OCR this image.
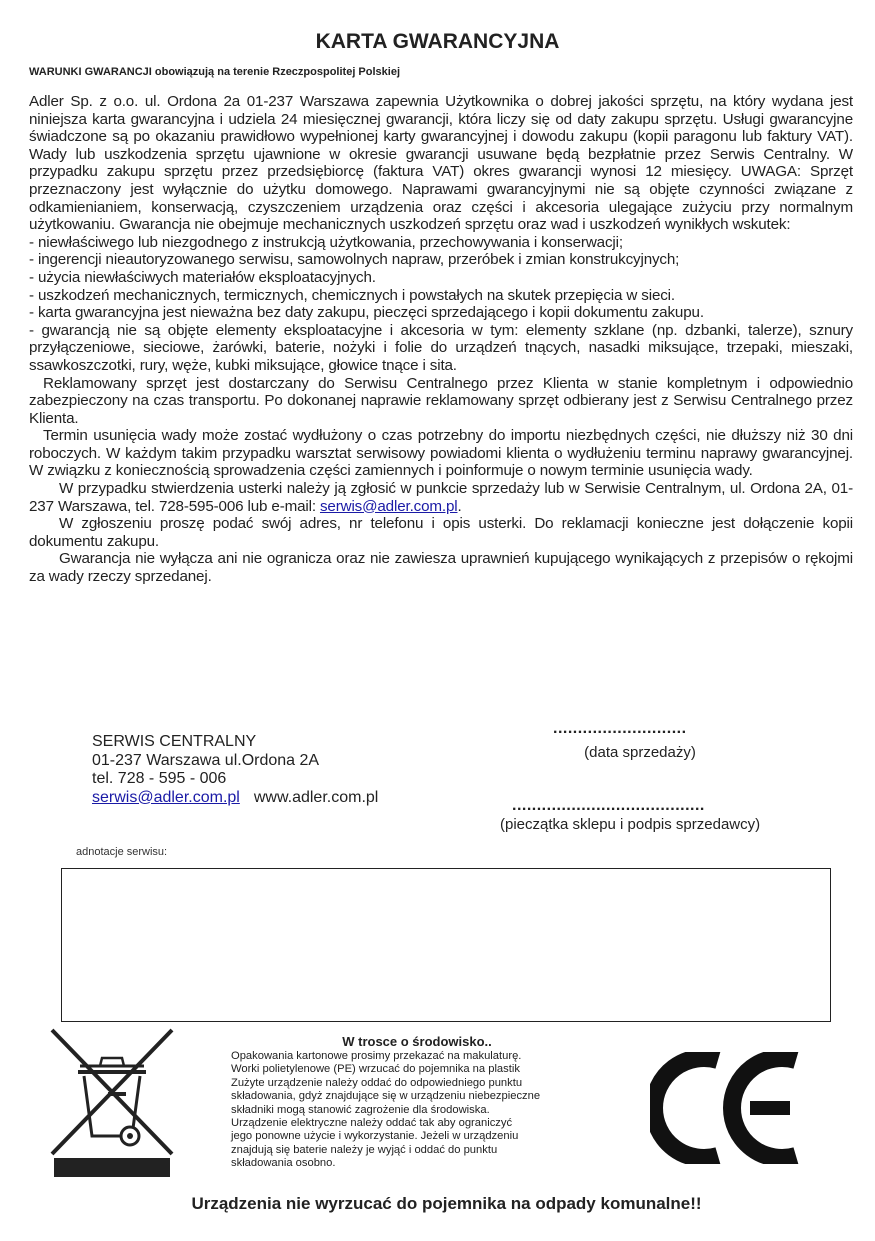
KARTA GWARANCYJNA
WARUNKI GWARANCJI obowiązują na terenie Rzeczpospolitej Polskiej

Adler Sp. z o.o. ul. Ordona 2a 01-237 Warszawa zapewnia Użytkownika o dobrej jakości sprzętu, na który wydana jest niniejsza karta gwarancyjna i udziela 24 miesięcznej gwarancji, która liczy się od daty zakupu sprzętu. Usługi gwarancyjne świadczone są po okazaniu prawidłowo wypełnionej karty gwarancyjnej i dowodu zakupu (kopii paragonu lub faktury VAT). Wady lub uszkodzenia sprzętu ujawnione w okresie gwarancji usuwane będą bezpłatnie przez Serwis Centralny. W przypadku zakupu sprzętu przez przedsiębiorcę (faktura VAT) okres gwarancji wynosi 12 miesięcy. UWAGA: Sprzęt przeznaczony jest wyłącznie do użytku domowego. Naprawami gwarancyjnymi nie są objęte czynności związane z odkamienianiem, konserwacją, czyszczeniem urządzenia oraz części i akcesoria ulegające zużyciu przy normalnym użytkowaniu. Gwarancja nie obejmuje mechanicznych uszkodzeń sprzętu oraz wad i uszkodzeń wynikłych wskutek:

- niewłaściwego lub niezgodnego z instrukcją użytkowania, przechowywania i konserwacji;

- ingerencji nieautoryzowanego serwisu, samowolnych napraw, przeróbek i zmian konstrukcyjnych;

- użycia niewłaściwych materiałów eksploatacyjnych.

- uszkodzeń mechanicznych, termicznych, chemicznych i powstałych na skutek przepięcia w sieci.

- karta gwarancyjna jest nieważna bez daty zakupu, pieczęci sprzedającego i kopii dokumentu zakupu.

- gwarancją nie są objęte elementy eksploatacyjne i akcesoria w tym: elementy szklane (np. dzbanki, talerze), sznury przyłączeniowe, sieciowe, żarówki, baterie, nożyki i folie do urządzeń tnących, nasadki miksujące, trzepaki, mieszaki, ssawkoszczotki, rury, węże, kubki miksujące, głowice tnące i sita.

Reklamowany sprzęt jest dostarczany do Serwisu Centralnego przez Klienta w stanie kompletnym i odpowiednio zabezpieczony na czas transportu. Po dokonanej naprawie reklamowany sprzęt odbierany jest z Serwisu Centralnego przez Klienta.

Termin usunięcia wady może zostać wydłużony o czas potrzebny do importu niezbędnych części, nie dłuższy niż 30 dni roboczych. W każdym takim przypadku warsztat serwisowy powiadomi klienta o wydłużeniu terminu naprawy gwarancyjnej. W związku z koniecznością sprowadzenia części zamiennych i poinformuje o nowym terminie usunięcia wady.

W przypadku stwierdzenia usterki należy ją zgłosić w punkcie sprzedaży lub w Serwisie Centralnym, ul. Ordona 2A, 01-237 Warszawa, tel. 728-595-006 lub e-mail: serwis@adler.com.pl.

W zgłoszeniu proszę podać swój adres, nr telefonu i opis usterki. Do reklamacji konieczne jest dołączenie kopii dokumentu zakupu.

Gwarancja nie wyłącza ani nie ogranicza oraz nie zawiesza uprawnień kupującego wynikających z przepisów o rękojmi za wady rzeczy sprzedanej.

SERWIS CENTRALNY
01-237 Warszawa ul.Ordona 2A
tel. 728 - 595 - 006
serwis@adler.com.pl www.adler.com.pl
...........................
(data sprzedaży)
.......................................
(pieczątka sklepu i podpis sprzedawcy)
adnotacje serwisu:
W trosce o środowisko..
Opakowania kartonowe prosimy przekazać na makulaturę.
Worki polietylenowe (PE) wrzucać do pojemnika na plastik
Zużyte urządzenie należy oddać do odpowiedniego punktu
składowania, gdyż znajdujące się w urządzeniu niebezpieczne
składniki mogą stanowić zagrożenie dla środowiska.
Urządzenie elektryczne należy oddać tak aby ograniczyć
jego ponowne użycie i wykorzystanie. Jeżeli w urządzeniu
znajdują się baterie należy je wyjąć i oddać do punktu
składowania osobno.
Urządzenia nie wyrzucać do pojemnika na odpady komunalne!!
